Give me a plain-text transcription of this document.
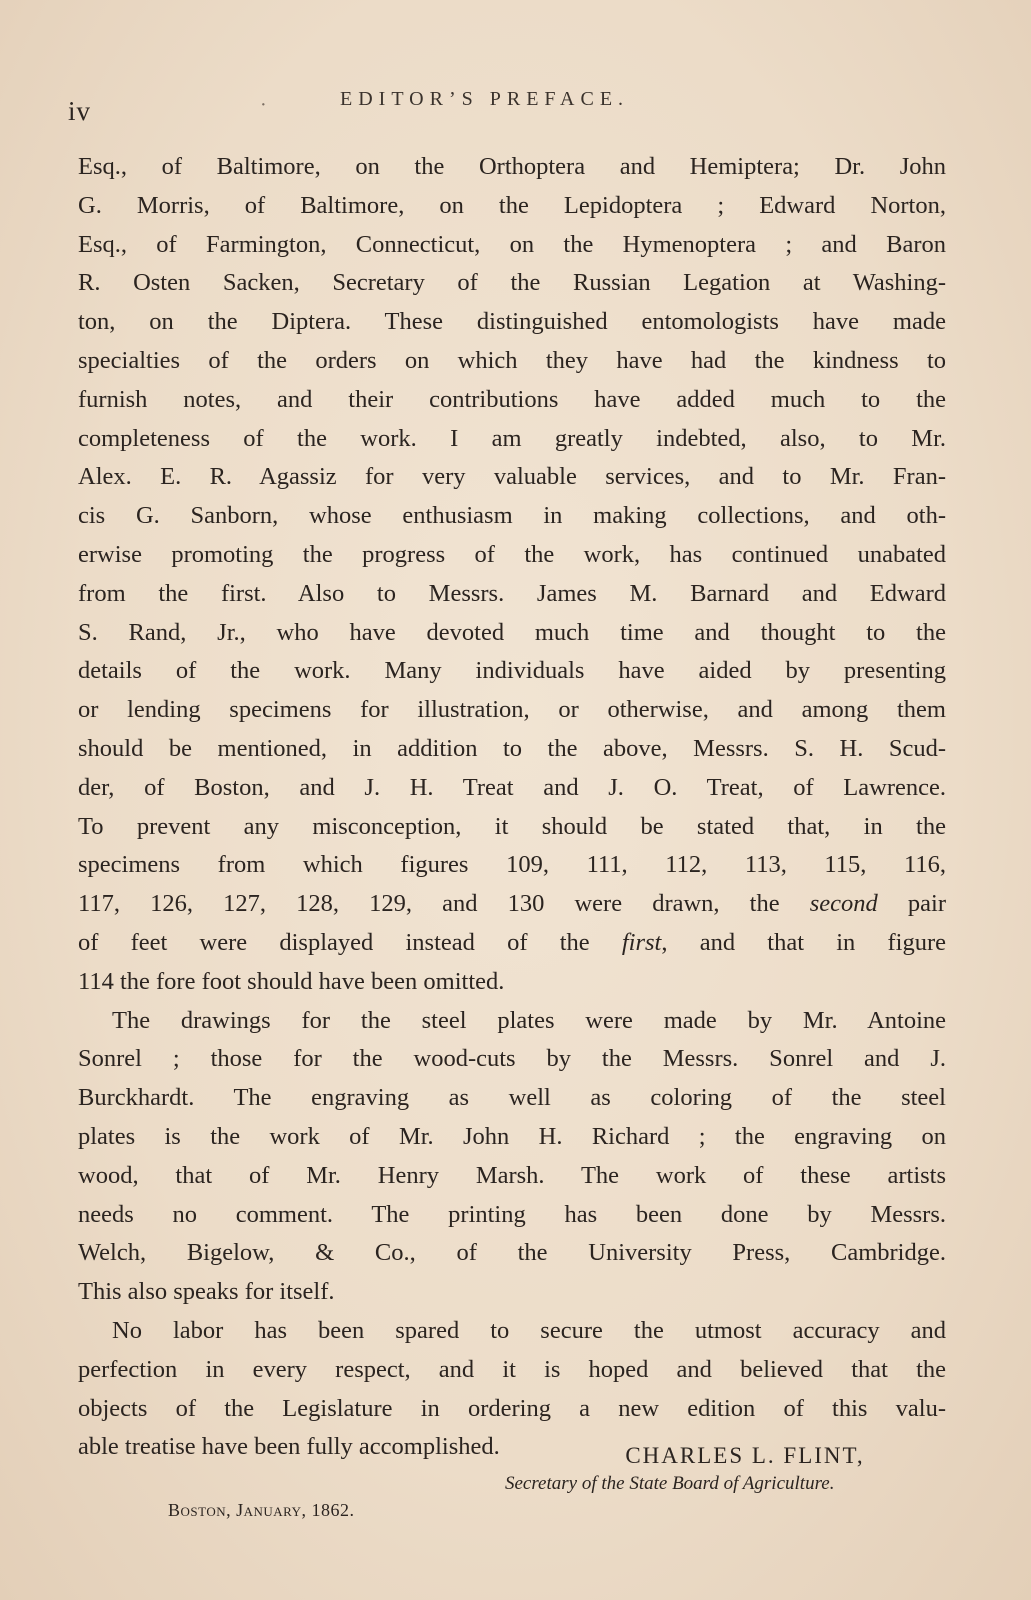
iv	·	EDITOR’S PREFACE.

Esq., of Baltimore, on the Orthoptera and Hemiptera; Dr. John
G. Morris, of Baltimore, on the Lepidoptera ; Edward Norton,
Esq., of Farmington, Connecticut, on the Hymenoptera ; and Baron
R. Osten Sacken, Secretary of the Russian Legation at Washing-
ton, on the Diptera. These distinguished entomologists have made
specialties of the orders on which they have had the kindness to
furnish notes, and their contributions have added much to the
completeness of the work. I am greatly indebted, also, to Mr.
Alex. E. R. Agassiz for very valuable services, and to Mr. Fran-
cis G. Sanborn, whose enthusiasm in making collections, and oth-
erwise promoting the progress of the work, has continued unabated
from the first. Also to Messrs. James M. Barnard and Edward
S. Rand, Jr., who have devoted much time and thought to the
details of the work. Many individuals have aided by presenting
or lending specimens for illustration, or otherwise, and among them
should be mentioned, in addition to the above, Messrs. S. H. Scud-
der, of Boston, and J. H. Treat and J. O. Treat, of Lawrence.
To prevent any misconception, it should be stated that, in the
specimens from which figures 109, 111, 112, 113, 115, 116,
117, 126, 127, 128, 129, and 130 were drawn, the second pair
of feet were displayed instead of the first, and that in figure
114 the fore foot should have been omitted.

The drawings for the steel plates were made by Mr. Antoine
Sonrel ; those for the wood-cuts by the Messrs. Sonrel and J.
Burckhardt. The engraving as well as coloring of the steel
plates is the work of Mr. John H. Richard ; the engraving on
wood, that of Mr. Henry Marsh. The work of these artists
needs no comment. The printing has been done by Messrs.
Welch, Bigelow, & Co., of the University Press, Cambridge.
This also speaks for itself.

No labor has been spared to secure the utmost accuracy and
perfection in every respect, and it is hoped and believed that the
objects of the Legislature in ordering a new edition of this valu-
able treatise have been fully accomplished.

Boston, January, 1862.
CHARLES L. FLINT,
Secretary of the State Board of Agriculture.
